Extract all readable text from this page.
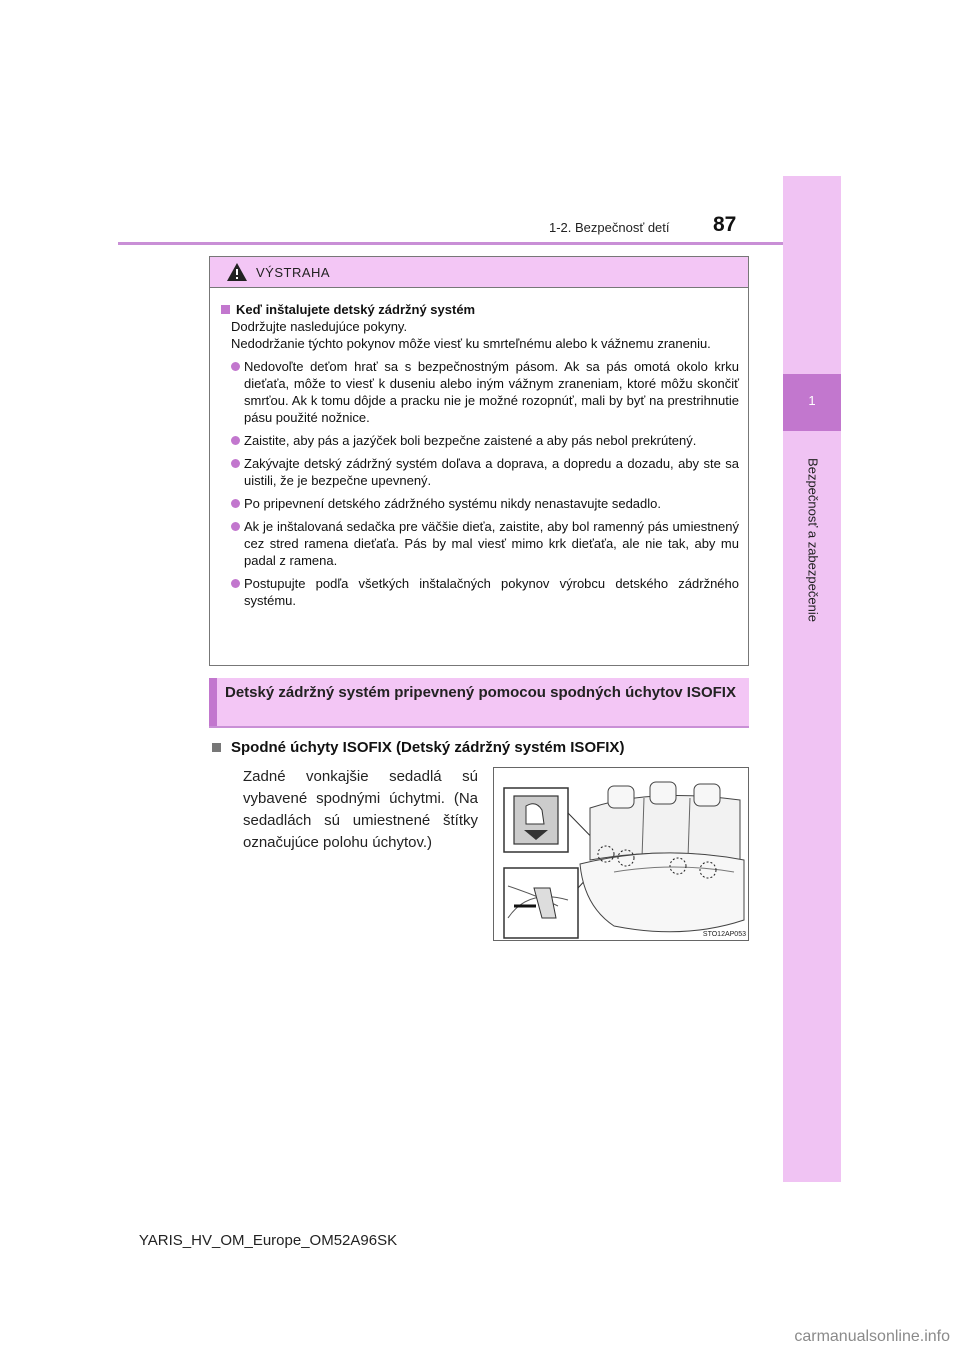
1-2. Bezpečnosť detí 87
1
Bezpečnosť a zabezpečenie
VÝSTRAHA
Keď inštalujete detský zádržný systém
Dodržujte nasledujúce pokyny.
Nedodržanie týchto pokynov môže viesť ku smrteľnému alebo k vážnemu zraneniu.
Nedovoľte deťom hrať sa s bezpečnostným pásom. Ak sa pás omotá okolo krku dieťaťa, môže to viesť k duseniu alebo iným vážnym zraneniam, ktoré môžu skončiť smrťou. Ak k tomu dôjde a pracku nie je možné rozopnúť, mali by byť na prestrihnutie pásu použité nožnice.
Zaistite, aby pás a jazýček boli bezpečne zaistené a aby pás nebol prekrútený.
Zakývajte detský zádržný systém doľava a doprava, a dopredu a dozadu, aby ste sa uistili, že je bezpečne upevnený.
Po pripevnení detského zádržného systému nikdy nenastavujte sedadlo.
Ak je inštalovaná sedačka pre väčšie dieťa, zaistite, aby bol ramenný pás umiestnený cez stred ramena dieťaťa. Pás by mal viesť mimo krk dieťaťa, ale nie tak, aby mu padal z ramena.
Postupujte podľa všetkých inštalačných pokynov výrobcu detského zádržného systému.
Detský zádržný systém pripevnený pomocou spodných úchytov ISOFIX
Spodné úchyty ISOFIX (Detský zádržný systém ISOFIX)
Zadné vonkajšie sedadlá sú vybavené spodnými úchytmi. (Na sedadlách sú umiestnené štítky označujúce polohu úchytov.)
STO12AP053
YARIS_HV_OM_Europe_OM52A96SK
carmanualsonline.info
